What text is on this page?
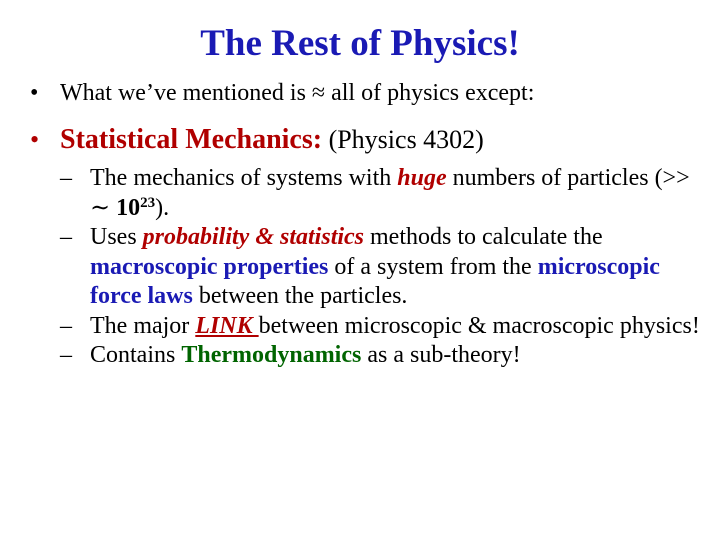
The Rest of Physics!
• What we’ve mentioned is ≈ all of physics except:
• Statistical Mechanics: (Physics 4302)
– The mechanics of systems with huge numbers of particles (>> ∼ $10^{23}$).
– Uses probability & statistics methods to calculate the macroscopic properties of a system from the microscopic force laws between the particles.
– The major LINK between microscopic & macroscopic physics!
– Contains Thermodynamics as a sub-theory!
